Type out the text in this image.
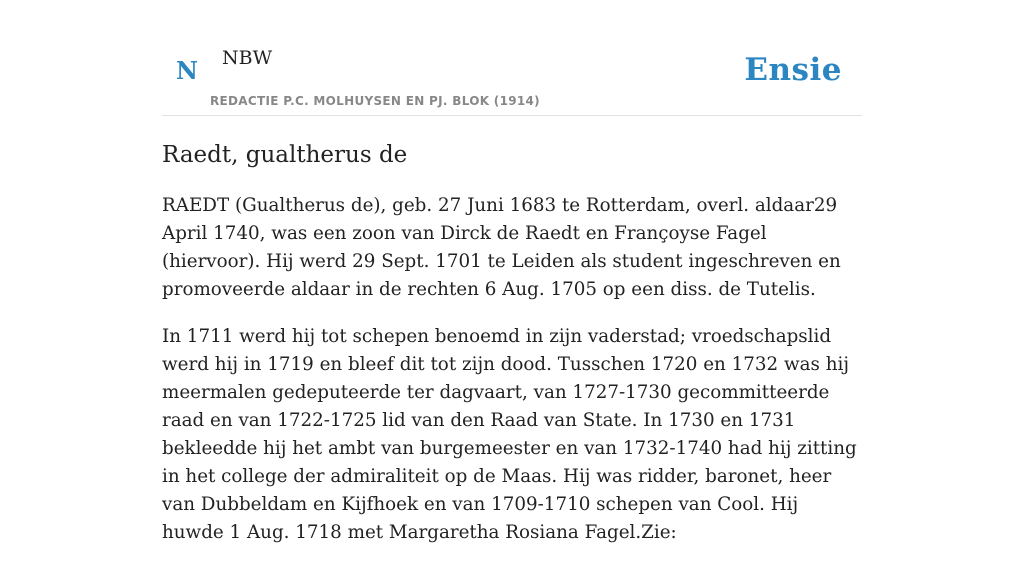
N NBW
REDACTIE P.C. MOLHUYSEN EN PJ. BLOK (1914)
Ensie
Raedt, gualtherus de

RAEDT (Gualtherus de), geb. 27 Juni 1683 te Rotterdam, overl. aldaar29 April 1740, was een zoon van Dirck de Raedt en Françoyse Fagel (hiervoor). Hij werd 29 Sept. 1701 te Leiden als student ingeschreven en promoveerde aldaar in de rechten 6 Aug. 1705 op een diss. de Tutelis.

In 1711 werd hij tot schepen benoemd in zijn vaderstad; vroedschapslid werd hij in 1719 en bleef dit tot zijn dood. Tusschen 1720 en 1732 was hij meermalen gedeputeerde ter dagvaart, van 1727-1730 gecommitteerde raad en van 1722-1725 lid van den Raad van State. In 1730 en 1731 bekleedde hij het ambt van burgemeester en van 1732-1740 had hij zitting in het college der admiraliteit op de Maas. Hij was ridder, baronet, heer van Dubbeldam en Kijfhoek en van 1709-1710 schepen van Cool. Hij huwde 1 Aug. 1718 met Margaretha Rosiana Fagel.Zie:
